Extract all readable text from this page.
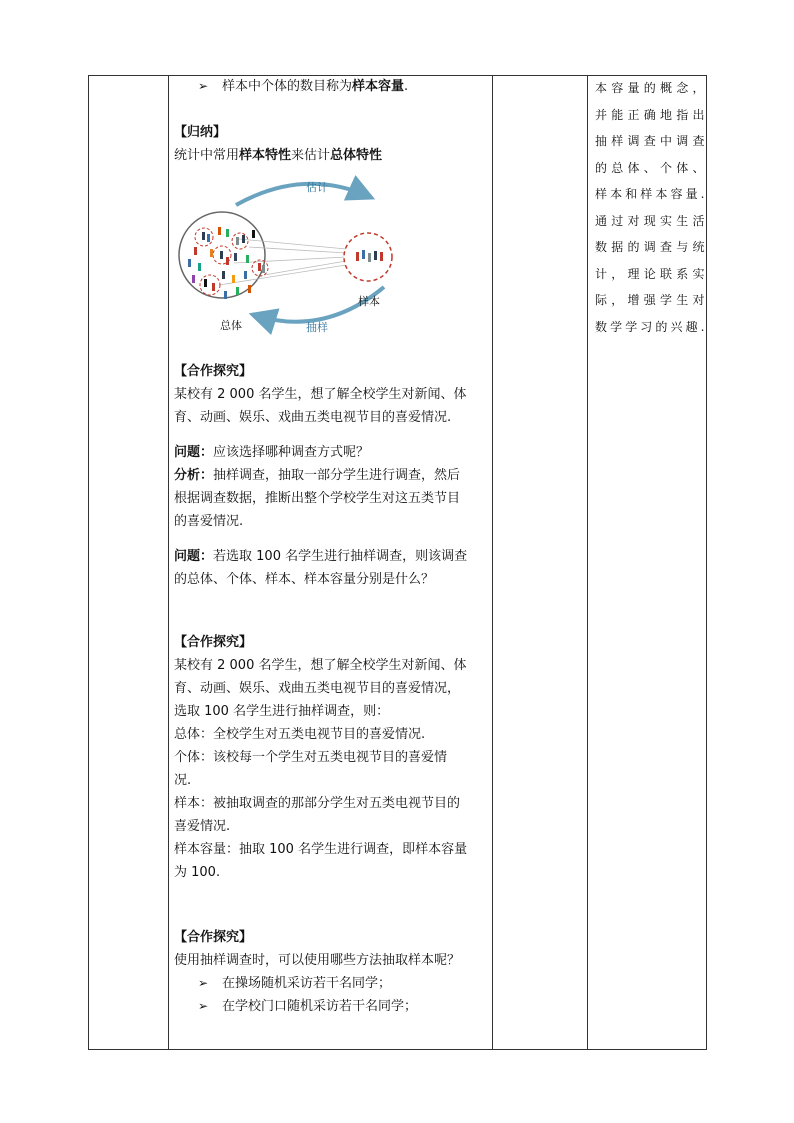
➢ 样本中个体的数目称为样本容量.

【归纳】

统计中常用样本特性来估计总体特性

估计
抽样
样本
总体

【合作探究】

某校有 2 000 名学生，想了解全校学生对新闻、体

育、动画、娱乐、戏曲五类电视节目的喜爱情况.

问题：应该选择哪种调查方式呢？

分析：抽样调查，抽取一部分学生进行调查，然后

根据调查数据，推断出整个学校学生对这五类节目

的喜爱情况.

问题：若选取 100 名学生进行抽样调查，则该调查

的总体、个体、样本、样本容量分别是什么？

【合作探究】

某校有 2 000 名学生，想了解全校学生对新闻、体

育、动画、娱乐、戏曲五类电视节目的喜爱情况，

选取 100 名学生进行抽样调查，则：

总体：全校学生对五类电视节目的喜爱情况.

个体：该校每一个学生对五类电视节目的喜爱情

况.

样本：被抽取调查的那部分学生对五类电视节目的

喜爱情况.

样本容量：抽取 100 名学生进行调查，即样本容量

为 100.

【合作探究】

使用抽样调查时，可以使用哪些方法抽取样本呢？

➢ 在操场随机采访若干名同学；

➢ 在学校门口随机采访若干名同学；

本容量的概念，

并能正确地指出

抽样调查中调查

的总体、个体、

样本和样本容量.

通过对现实生活

数据的调查与统

计，理论联系实

际，增强学生对

数学学习的兴趣.
